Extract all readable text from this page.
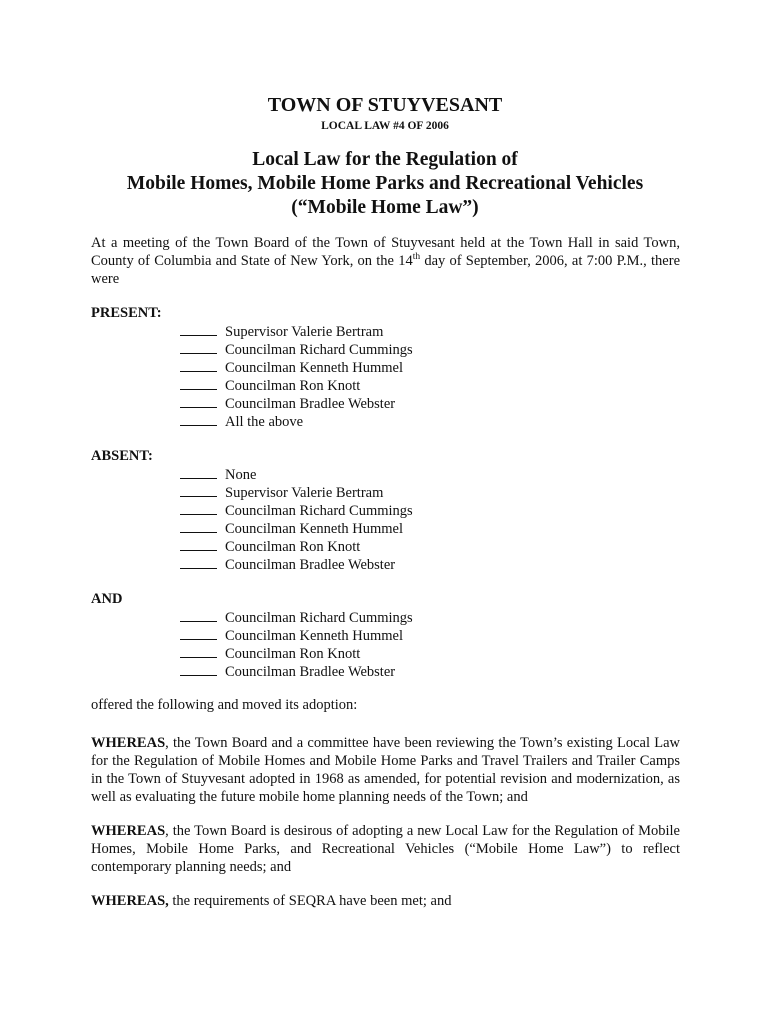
TOWN OF STUYVESANT
LOCAL LAW #4 OF 2006
Local Law for the Regulation of
Mobile Homes, Mobile Home Parks and Recreational Vehicles
(“Mobile Home Law”)

At a meeting of the Town Board of the Town of Stuyvesant held at the Town Hall in said Town, County of Columbia and State of New York, on the 14th day of September, 2006, at 7:00 P.M., there were

PRESENT:
Supervisor Valerie Bertram
Councilman Richard Cummings
Councilman Kenneth Hummel
Councilman Ron Knott
Councilman Bradlee Webster
All the above
ABSENT:
None
Supervisor Valerie Bertram
Councilman Richard Cummings
Councilman Kenneth Hummel
Councilman Ron Knott
Councilman Bradlee Webster
AND
Councilman Richard Cummings
Councilman Kenneth Hummel
Councilman Ron Knott
Councilman Bradlee Webster

offered the following and moved its adoption:

WHEREAS, the Town Board and a committee have been reviewing the Town’s existing Local Law for the Regulation of Mobile Homes and Mobile Home Parks and Travel Trailers and Trailer Camps in the Town of Stuyvesant adopted in 1968 as amended, for potential revision and modernization, as well as evaluating the future mobile home planning needs of the Town; and

WHEREAS, the Town Board is desirous of adopting a new Local Law for the Regulation of Mobile Homes, Mobile Home Parks, and Recreational Vehicles (“Mobile Home Law”) to reflect contemporary planning needs; and

WHEREAS, the requirements of SEQRA have been met; and
